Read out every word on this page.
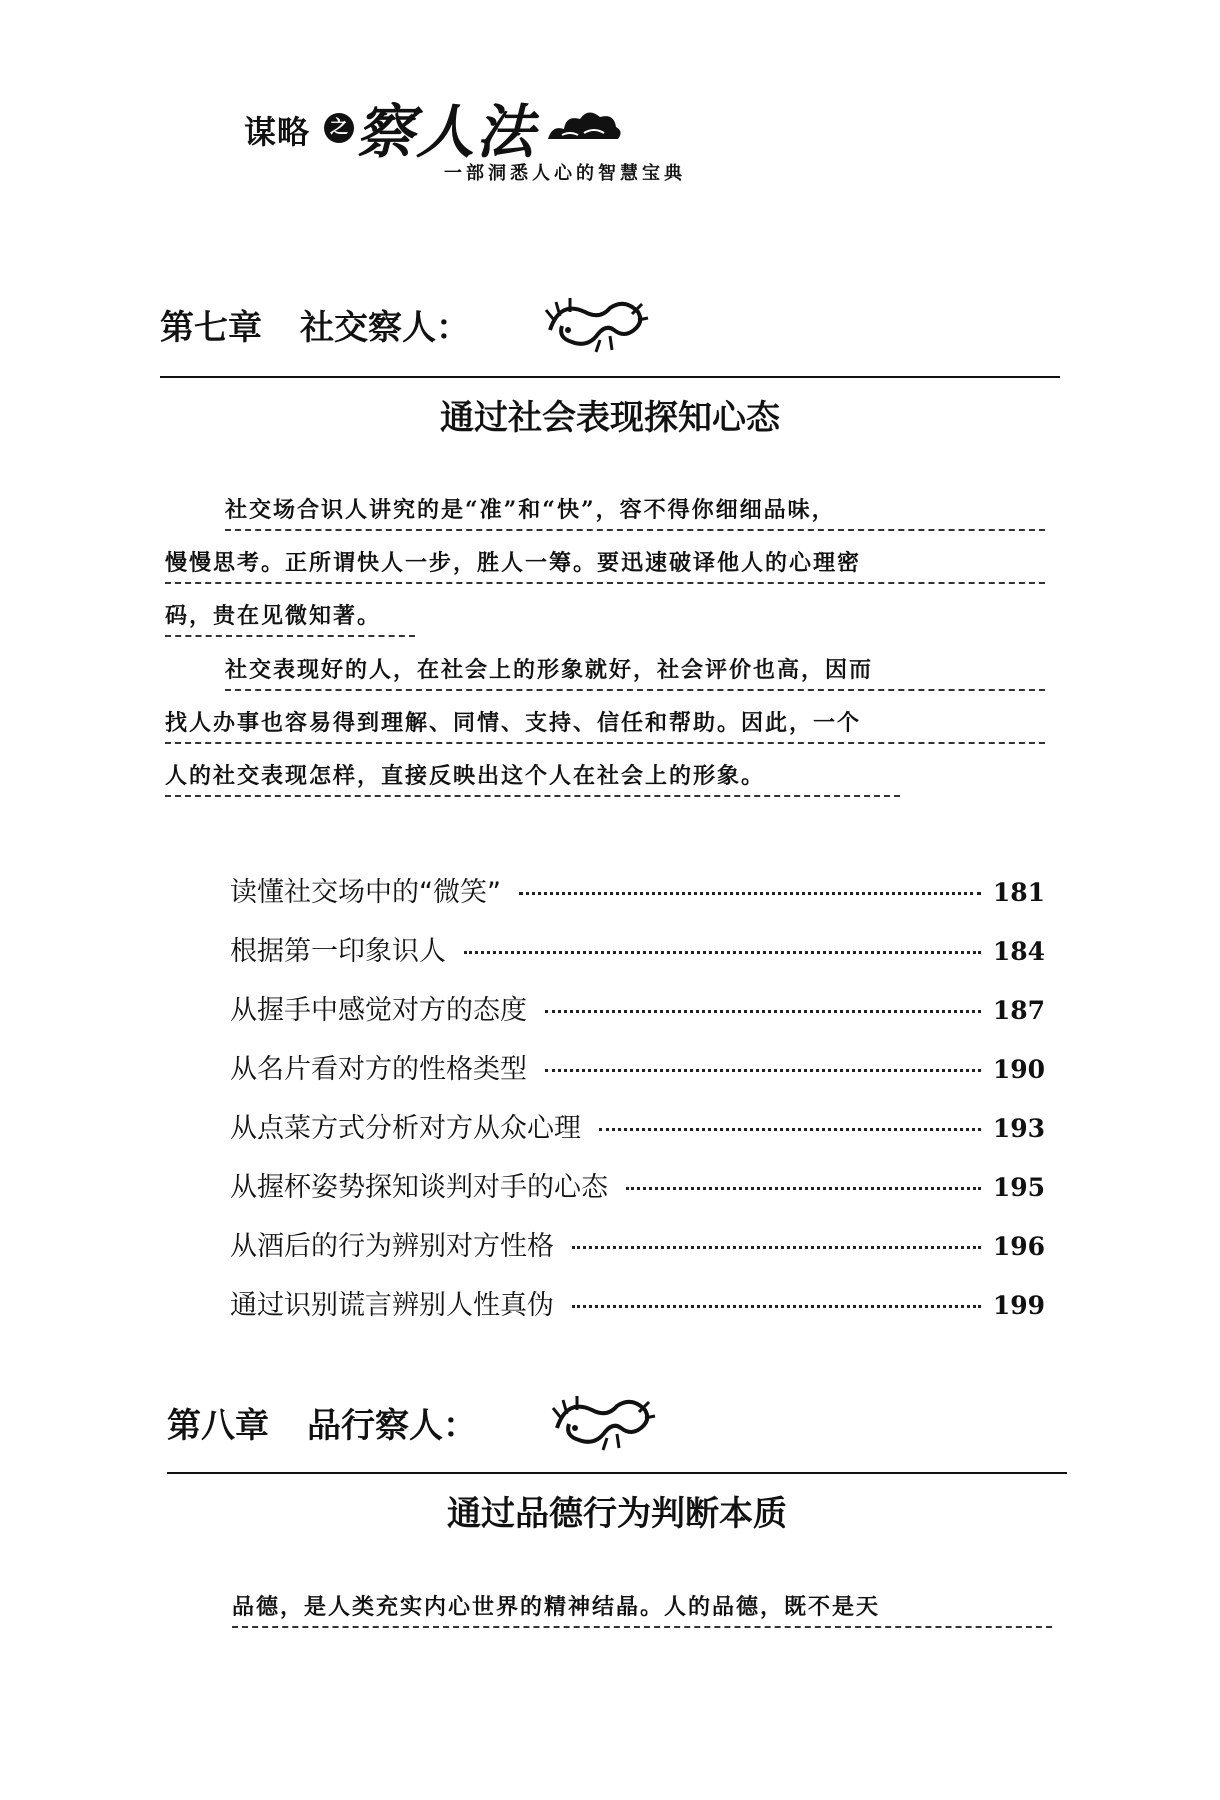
谋略	之 察人法
一部洞悉人心的智慧宝典
第七章 社交察人：
通过社会表现探知心态
社交场合识人讲究的是“准”和“快”，容不得你细细品味，
慢慢思考。正所谓快人一步，胜人一筹。要迅速破译他人的心理密
码，贵在见微知著。
社交表现好的人，在社会上的形象就好，社会评价也高，因而
找人办事也容易得到理解、同情、支持、信任和帮助。因此，一个
人的社交表现怎样，直接反映出这个人在社会上的形象。
读懂社交场中的“微笑”	181
根据第一印象识人	184
从握手中感觉对方的态度	187
从名片看对方的性格类型	190
从点菜方式分析对方从众心理	193
从握杯姿势探知谈判对手的心态	195
从酒后的行为辨别对方性格	196
通过识别谎言辨别人性真伪	199
第八章 品行察人：
通过品德行为判断本质
品德，是人类充实内心世界的精神结晶。人的品德，既不是天
